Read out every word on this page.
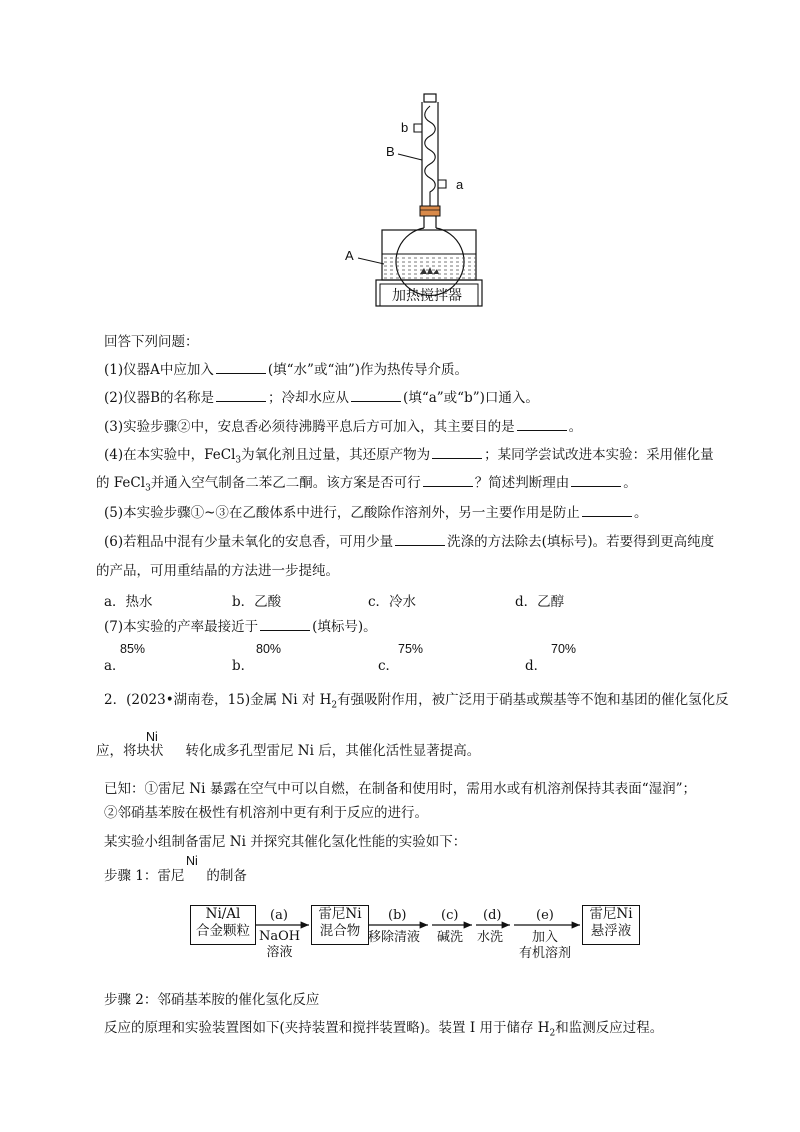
b
B
a
A
加热搅拌器
回答下列问题：
(1)仪器A中应加入	(填“水”或“油”)作为热传导介质。
(2)仪器B的名称是	；冷却水应从	(填“a”或“b”)口通入。
(3)实验步骤②中，安息香必须待沸腾平息后方可加入，其主要目的是	。
(4)在本实验中，FeCl$_3$为氧化剂且过量，其还原产物为	；某同学尝试改进本实验：采用催化量
的 FeCl$_3$并通入空气制备二苯乙二酮。该方案是否可行	？简述判断理由	。
(5)本实验步骤①~③在乙酸体系中进行，乙酸除作溶剂外，另一主要作用是防止	。
(6)若粗品中混有少量未氧化的安息香，可用少量	洗涤的方法除去(填标号)。若要得到更高纯度
的产品，可用重结晶的方法进一步提纯。
a．热水	b．乙酸	c．冷水	d．乙醇
(7)本实验的产率最接近于	(填标号)。
a．
85%
b．
80%
c．
75%
d．
70%
2．(2023•湖南卷，15)金属 Ni 对 $H_2$有强吸附作用，被广泛用于硝基或羰基等不饱和基团的催化氢化反
Ni
应，将块状 转化成多孔型雷尼 Ni 后，其催化活性显著提高。
已知：①雷尼 Ni 暴露在空气中可以自燃，在制备和使用时，需用水或有机溶剂保持其表面“湿润”；
②邻硝基苯胺在极性有机溶剂中更有利于反应的进行。
某实验小组制备雷尼 Ni 并探究其催化氢化性能的实验如下：
Ni
步骤 1：雷尼 的制备
Ni/Al
合金颗粒
雷尼Ni
混合物
雷尼Ni
悬浮液
(a)
NaOH
溶液
(b)
移除清液
(c)
碱洗
(d)
水洗
(e)
加入
有机溶剂
步骤 2：邻硝基苯胺的催化氢化反应
反应的原理和实验装置图如下(夹持装置和搅拌装置略)。装置 I 用于储存 $H_2$和监测反应过程。
